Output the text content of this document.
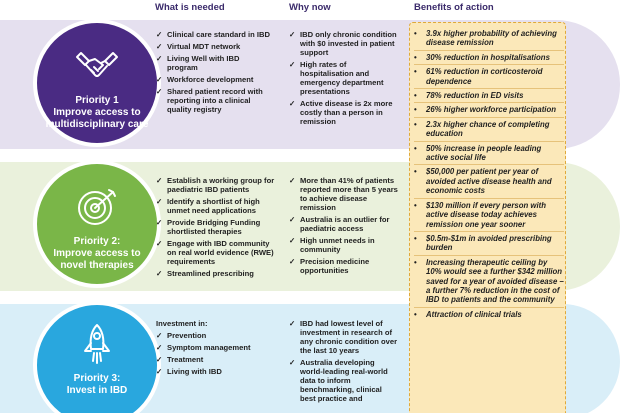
What is needed	Why now	Benefits of action
Priority 1
Improve access to multidisciplinary care
Priority 2:
Improve access to novel therapies
Priority 3:
Invest in IBD
✓ Clinical care standard in IBD
✓ Virtual MDT network
✓ Living Well with IBD program
✓ Workforce development
✓ Shared patient record with reporting into a clinical quality registry
✓ IBD only chronic condition with $0 invested in patient support
✓ High rates of hospitalisation and emergency department presentations
✓ Active disease is 2x more costly than a person in remission
✓ Establish a working group for paediatric IBD patients
✓ Identify a shortlist of high unmet need applications
✓ Provide Bridging Funding shortlisted therapies
✓ Engage with IBD community on real world evidence (RWE) requirements
✓ Streamlined prescribing
✓ More than 41% of patients reported more than 5 years to achieve disease remission
✓ Australia is an outlier for paediatric access
✓ High unmet needs in community
✓ Precision medicine opportunities
Investment in:
✓ Prevention
✓ Symptom management
✓ Treatment
✓ Living with IBD
✓ IBD had lowest level of investment in research of any chronic condition over the last 10 years
✓ Australia developing world-leading real-world data to inform benchmarking, clinical best practice and
• 3.9x higher probability of achieving disease remission
• 30% reduction in hospitalisations
• 61% reduction in corticosteroid dependence
• 78% reduction in ED visits
• 26% higher workforce participation
• 2.3x higher chance of completing education
• 50% increase in people leading active social life
• $50,000 per patient per year of avoided active disease health and economic costs
• $130 million if every person with active disease today achieves remission one year sooner
• $0.5m-$1m in avoided prescribing burden
• Increasing therapeutic ceiling by 10% would see a further $342 million saved for a year of avoided disease – a further 7% reduction in the cost of IBD to patients and the community
• Attraction of clinical trials
